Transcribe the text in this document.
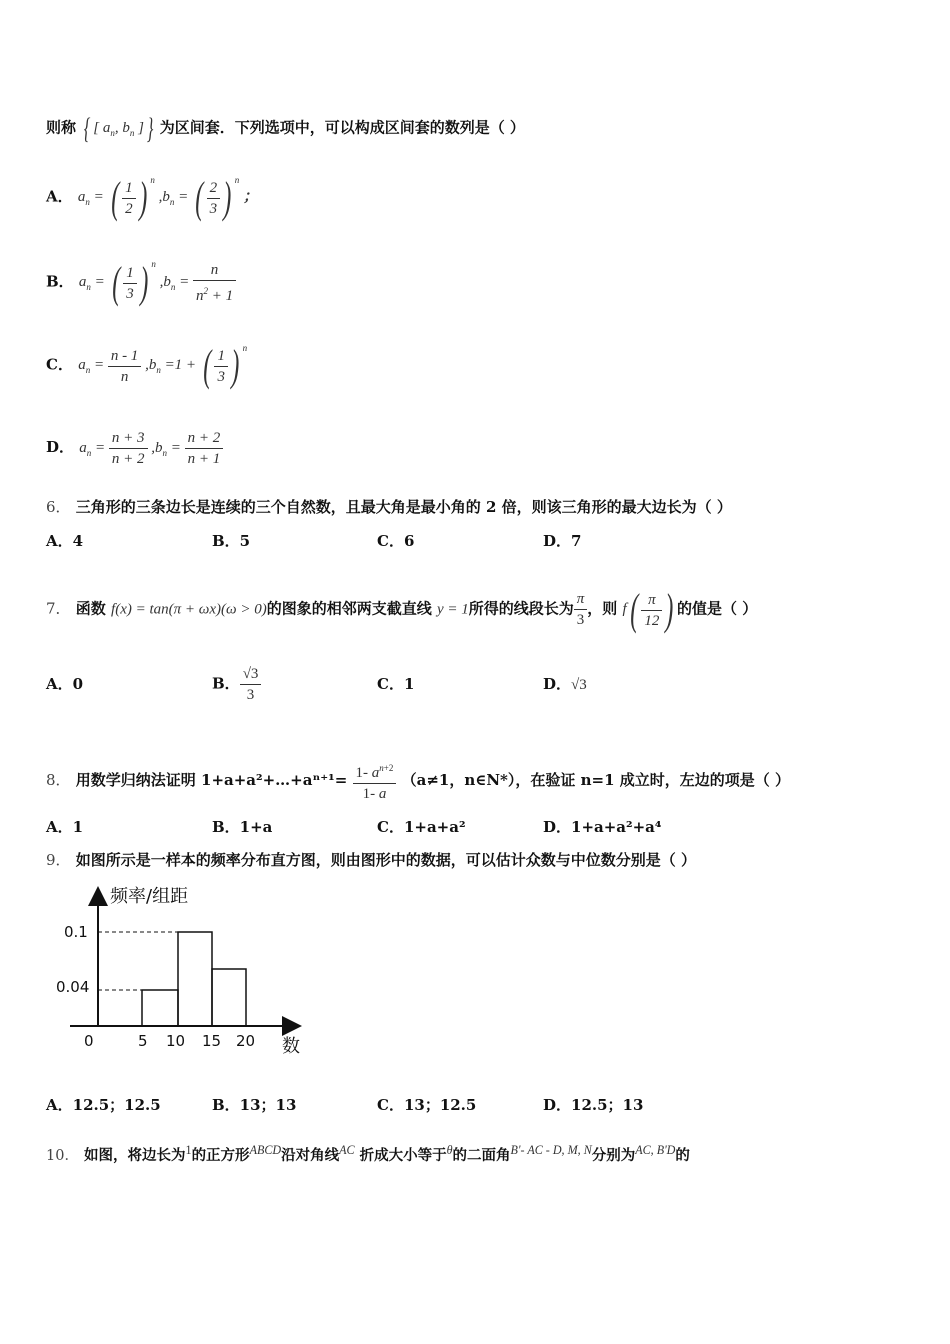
则称 { [ $a_n$, $b_n$ ]} 为区间套．下列选项中，可以构成区间套的数列是（ ）
A． $a_n$ = ( $\frac{1}{2}$ ) $^n$ $,b_n$ = ( $\frac{2}{3}$ ) $^n$ ；
B． $a_n$ = ( $\frac{1}{3}$ ) $^n$ $,b_n = \frac{n}{n^2 + 1}$
C． $a_n = \frac{n - 1}{n} ,b_n =1$ + ( $\frac{1}{3}$ ) $^n$
D． $a_n = \frac{n + 3}{n + 2} ,b_n = \frac{n + 2}{n + 1}$
6． 三角形的三条边长是连续的三个自然数，且最大角是最小角的 2 倍，则该三角形的最大边长为（ ）
A．4	B．5	C．6	D．7
7． 函数 f(x) = tan(π + ωx)(ω > 0)的图象的相邻两支截直线 y = 1所得的线段长为 $\frac{\pi}{3}$ ，则 $f( \frac{\pi}{12}$ ) 的值是（ ）
A．0	B． $\frac{√3}{3}$	C．1	D．√3
8． 用数学归纳法证明 1+a+a²+…+aⁿ⁺¹= $\frac{1- a^{n+2}}{1- a} (a\ne 1$，n∈N*），在验证 n=1 成立时，左边的项是（ ）
A．1	B．1+a	C．1+a+a²	D．1+a+a²+a⁴
9． 如图所示是一样本的频率分布直方图，则由图形中的数据，可以估计众数与中位数分别是（ ）
频率/组距
0.1
0.04
0	5 10 15 20 数
A．12.5；12.5	B．13；13	C．13；12.5	D．12.5；13
10． 如图，将边长为$^1$的正方形$^{ABCD}$沿对角线$^{AC}$ 折成大小等于$^\theta$的二面角$^{B'- AC - D, M, N}$分别为$^{AC, B'D}$的
